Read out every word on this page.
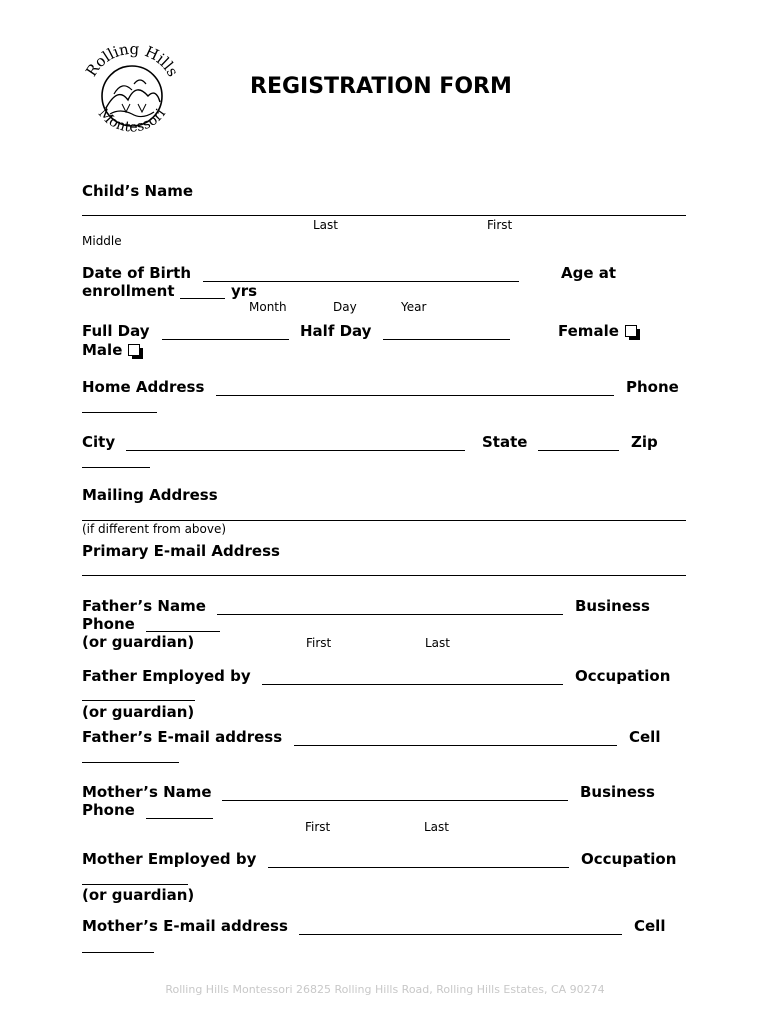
Rolling Hills
Montessori
REGISTRATION FORM
Child’s Name
Last	First
Middle
Date of Birth	Age at
enrollment	yrs
Month	Day	Year
Full Day	Half Day	Female
Male
Home Address	Phone
City	State	Zip
Mailing Address
(if different from above)
Primary E-mail Address
Father’s Name	Business
Phone
(or guardian)	First	Last
Father Employed by	Occupation
(or guardian)
Father’s E-mail address	Cell
Mother’s Name	Business
Phone
First	Last
Mother Employed by	Occupation
(or guardian)
Mother’s E-mail address	Cell
Rolling Hills Montessori 26825 Rolling Hills Road, Rolling Hills Estates, CA 90274
